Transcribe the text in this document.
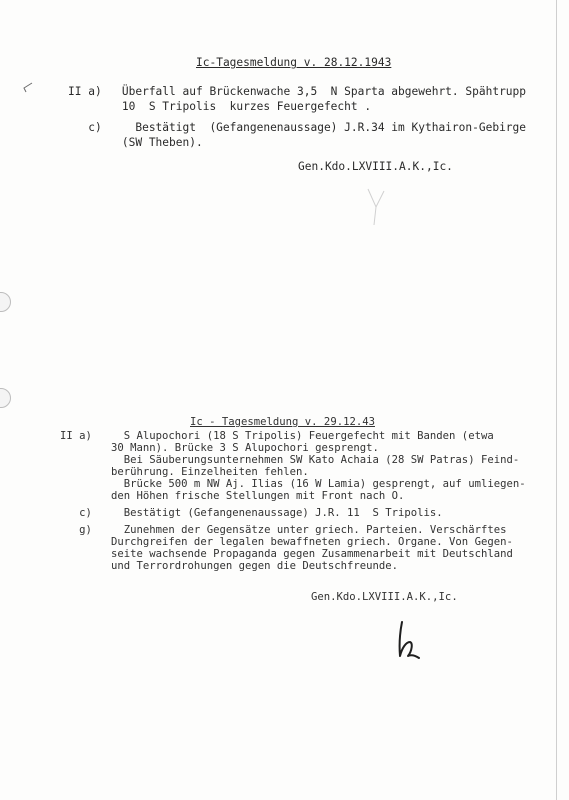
Ic-Tagesmeldung v. 28.12.1943
II a)   Überfall auf Brückenwache 3,5  N Sparta abgewehrt. Spähtrupp
10  S Tripolis  kurzes Feuergefecht .
c)     Bestätigt  (Gefangenenaussage) J.R.34 im Kythairon-Gebirge
(SW Theben).
Gen.Kdo.LXVIII.A.K.,Ic.
Ic - Tagesmeldung v. 29.12.43
II a)     S Alupochori (18 S Tripolis) Feuergefecht mit Banden (etwa
30 Mann). Brücke 3 S Alupochori gesprengt.
Bei Säuberungsunternehmen SW Kato Achaia (28 SW Patras) Feind-
berührung. Einzelheiten fehlen.
Brücke 500 m NW Aj. Ilias (16 W Lamia) gesprengt, auf umliegen-
den Höhen frische Stellungen mit Front nach O.
c)     Bestätigt (Gefangenenaussage) J.R. 11  S Tripolis.
g)     Zunehmen der Gegensätze unter griech. Parteien. Verschärftes
Durchgreifen der legalen bewaffneten griech. Organe. Von Gegen-
seite wachsende Propaganda gegen Zusammenarbeit mit Deutschland
und Terrordrohungen gegen die Deutschfreunde.
Gen.Kdo.LXVIII.A.K.,Ic.
